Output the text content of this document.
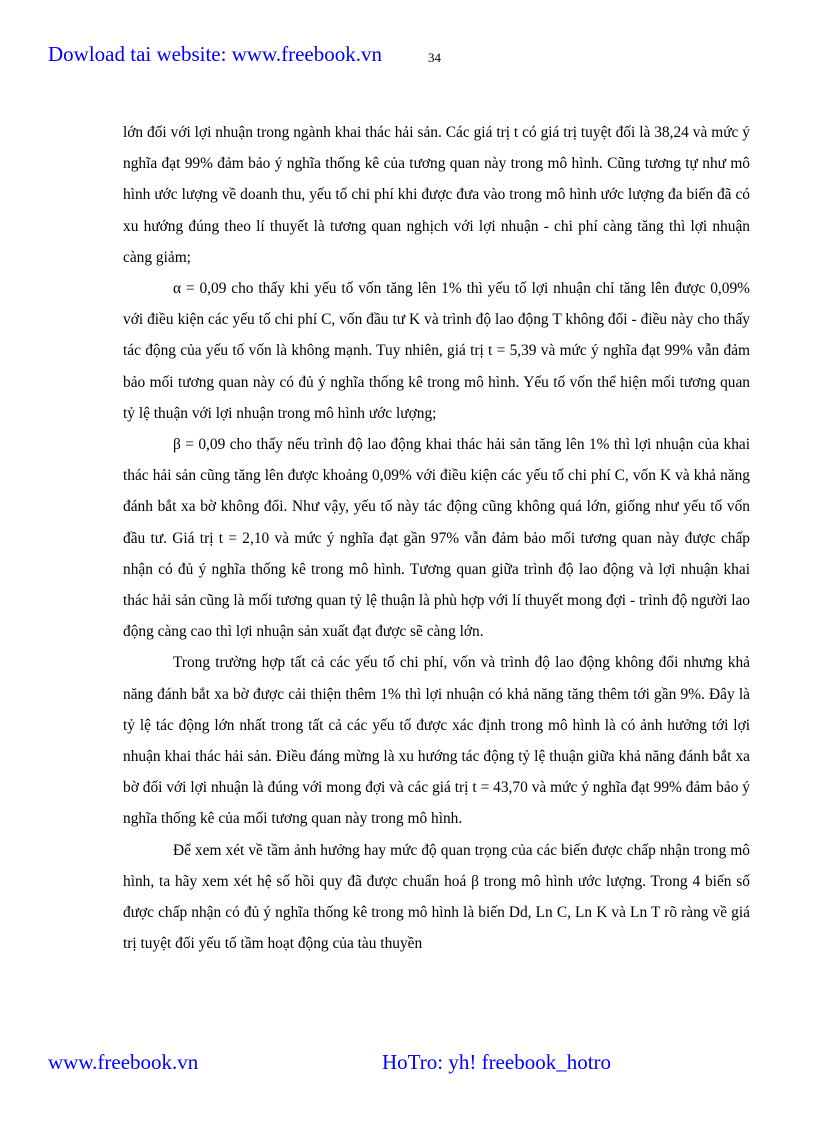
Dowload tai website: www.freebook.vn	34

lớn đối với lợi nhuận trong ngành khai thác hải sản. Các giá trị t có giá trị tuyệt đối là 38,24 và mức ý nghĩa đạt 99% đảm bảo ý nghĩa thống kê của tương quan này trong mô hình. Cũng tương tự như mô hình ước lượng về doanh thu, yếu tố chi phí khi được đưa vào trong mô hình ước lượng đa biến đã có xu hướng đúng theo lí thuyết là tương quan nghịch với lợi nhuận - chi phí càng tăng thì lợi nhuận càng giảm;

α = 0,09 cho thấy khi yếu tố vốn tăng lên 1% thì yếu tố lợi nhuận chỉ tăng lên được 0,09% với điều kiện các yếu tố chi phí C, vốn đầu tư K và trình độ lao động T không đổi - điều này cho thấy tác động của yếu tố vốn là không mạnh. Tuy nhiên, giá trị t = 5,39 và mức ý nghĩa đạt 99% vẫn đảm bảo mối tương quan này có đủ ý nghĩa thống kê trong mô hình. Yếu tố vốn thể hiện mối tương quan tỷ lệ thuận với lợi nhuận trong mô hình ước lượng;

β = 0,09 cho thấy nếu trình độ lao động khai thác hải sản tăng lên 1% thì lợi nhuận của khai thác hải sản cũng tăng lên được khoảng 0,09% với điều kiện các yếu tố chi phí C, vốn K và khả năng đánh bắt xa bờ không đổi. Như vậy, yếu tố này tác động cũng không quá lớn, giống như yếu tố vốn đầu tư. Giá trị t = 2,10 và mức ý nghĩa đạt gần 97% vẫn đảm bảo mối tương quan này được chấp nhận có đủ ý nghĩa thống kê trong mô hình. Tương quan giữa trình độ lao động và lợi nhuận khai thác hải sản cũng là mối tương quan tỷ lệ thuận là phù hợp với lí thuyết mong đợi - trình độ người lao động càng cao thì lợi nhuận sản xuất đạt được sẽ càng lớn.

Trong trường hợp tất cả các yếu tố chi phí, vốn và trình độ lao động không đổi nhưng khả năng đánh bắt xa bờ được cải thiện thêm 1% thì lợi nhuận có khả năng tăng thêm tới gần 9%. Đây là tỷ lệ tác động lớn nhất trong tất cả các yếu tố được xác định trong mô hình là có ảnh hưởng tới lợi nhuận khai thác hải sản. Điều đáng mừng là xu hướng tác động tỷ lệ thuận giữa khả năng đánh bắt xa bờ đối với lợi nhuận là đúng với mong đợi và các giá trị t = 43,70 và mức ý nghĩa đạt 99% đảm bảo ý nghĩa thống kê của mối tương quan này trong mô hình.

Để xem xét về tầm ảnh hưởng hay mức độ quan trọng của các biến được chấp nhận trong mô hình, ta hãy xem xét hệ số hồi quy đã được chuẩn hoá β trong mô hình ước lượng. Trong 4 biến số được chấp nhận có đủ ý nghĩa thống kê trong mô hình là biến Dd, Ln C, Ln K và Ln T rõ ràng về giá trị tuyệt đối yếu tố tầm hoạt động của tàu thuyền

www.freebook.vn	HoTro: yh! freebook_hotro
